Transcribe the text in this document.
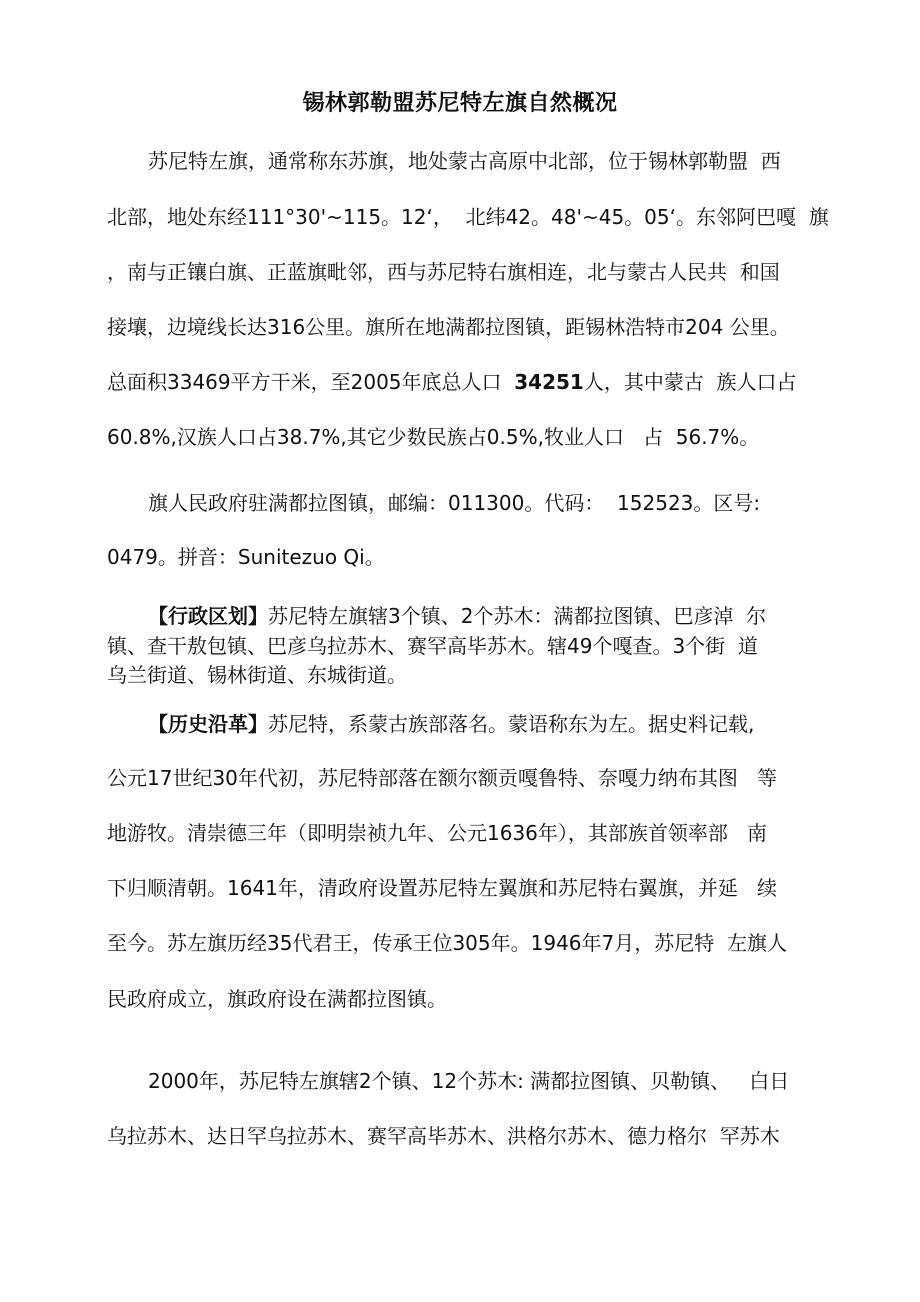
锡林郭勒盟苏尼特左旗自然概况
苏尼特左旗，通常称东苏旗，地处蒙古高原中北部，位于锡林郭勒盟  西
北部，地处东经111°30'~115。12‘，  北纬42。48'~45。05‘。东邻阿巴嘎  旗
，南与正镶白旗、正蓝旗毗邻，西与苏尼特右旗相连，北与蒙古人民共  和国
接壤，边境线长达316公里。旗所在地满都拉图镇，距锡林浩特市204 公里。
总面积33469平方干米，至2005年底总人口  34251人，其中蒙古  族人口占
60.8%,汉族人口占38.7%,其它少数民族占0.5%,牧业人口   占  56.7%。
旗人民政府驻满都拉图镇，邮编：011300。代码：  152523。区号:
0479。拼音：Sunitezuo Qi。
【行政区划】苏尼特左旗辖3个镇、2个苏木：满都拉图镇、巴彦淖  尔
镇、查干敖包镇、巴彦乌拉苏木、赛罕高毕苏木。辖49个嘎查。3个街  道
乌兰街道、锡林街道、东城街道。
【历史沿革】苏尼特，系蒙古族部落名。蒙语称东为左。据史料记载,
公元17世纪30年代初，苏尼特部落在额尔额贡嘎鲁特、奈嘎力纳布其图   等
地游牧。清崇德三年（即明崇祯九年、公元1636年），其部族首领率部   南
下归顺清朝。1641年，清政府设置苏尼特左翼旗和苏尼特右翼旗，并延   续
至今。苏左旗历经35代君王，传承王位305年。1946年7月，苏尼特  左旗人
民政府成立，旗政府设在满都拉图镇。
2000年，苏尼特左旗辖2个镇、12个苏木: 满都拉图镇、贝勒镇、   白日
乌拉苏木、达日罕乌拉苏木、赛罕高毕苏木、洪格尔苏木、德力格尔  罕苏木
